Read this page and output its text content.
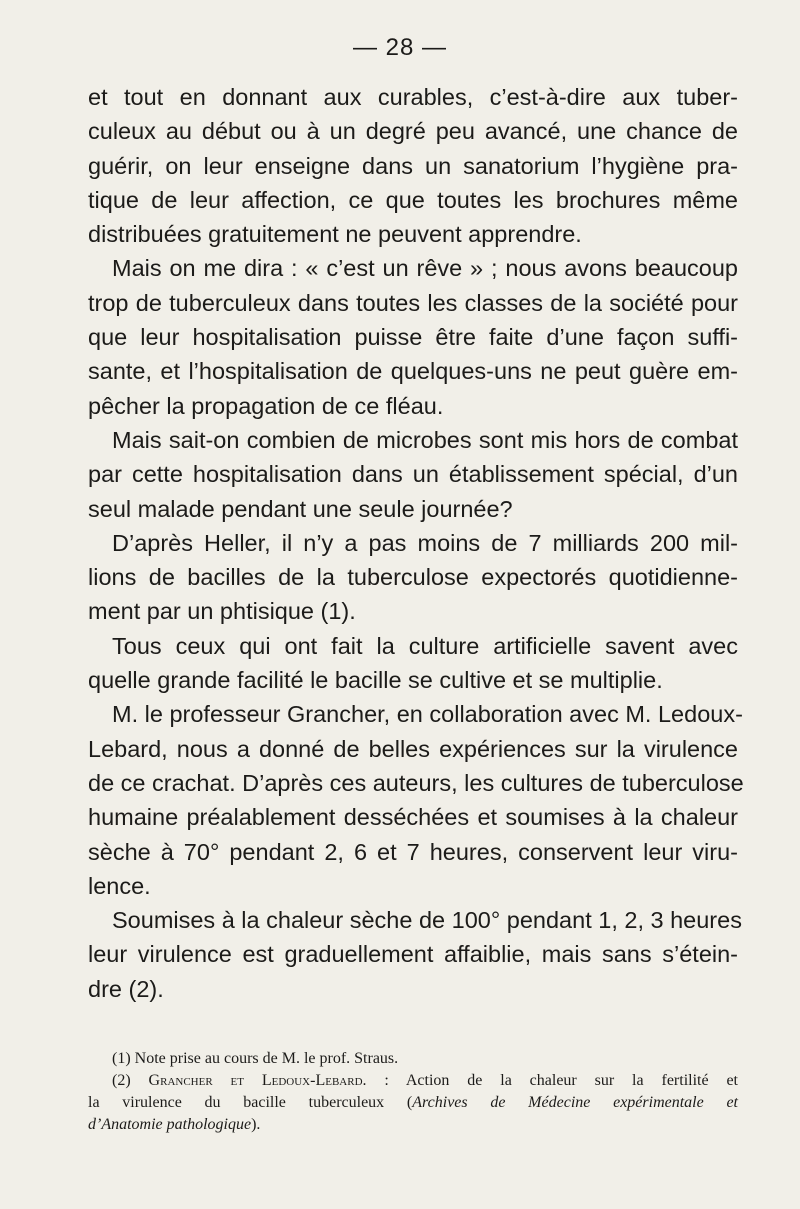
— 28 —
et tout en donnant aux curables, c’est-à-dire aux tuber-
culeux au début ou à un degré peu avancé, une chance de
guérir, on leur enseigne dans un sanatorium l’hygiène pra-
tique de leur affection, ce que toutes les brochures même
distribuées gratuitement ne peuvent apprendre.
Mais on me dira : « c’est un rêve » ; nous avons beaucoup
trop de tuberculeux dans toutes les classes de la société pour
que leur hospitalisation puisse être faite d’une façon suffi-
sante, et l’hospitalisation de quelques-uns ne peut guère em-
pêcher la propagation de ce fléau.
Mais sait-on combien de microbes sont mis hors de combat
par cette hospitalisation dans un établissement spécial, d’un
seul malade pendant une seule journée?
D’après Heller, il n’y a pas moins de 7 milliards 200 mil-
lions de bacilles de la tuberculose expectorés quotidienne-
ment par un phtisique (1).
Tous ceux qui ont fait la culture artificielle savent avec
quelle grande facilité le bacille se cultive et se multiplie.
M. le professeur Grancher, en collaboration avec M. Ledoux-
Lebard, nous a donné de belles expériences sur la virulence
de ce crachat. D’après ces auteurs, les cultures de tuberculose
humaine préalablement desséchées et soumises à la chaleur
sèche à 70° pendant 2, 6 et 7 heures, conservent leur viru-
lence.
Soumises à la chaleur sèche de 100° pendant 1, 2, 3 heures
leur virulence est graduellement affaiblie, mais sans s’étein-
dre (2).
(1) Note prise au cours de M. le prof. Straus.
(2) Grancher et Ledoux-Lebard. : Action de la chaleur sur la fertilité et
la virulence du bacille tuberculeux (Archives de Médecine expérimentale et
d’Anatomie pathologique).
